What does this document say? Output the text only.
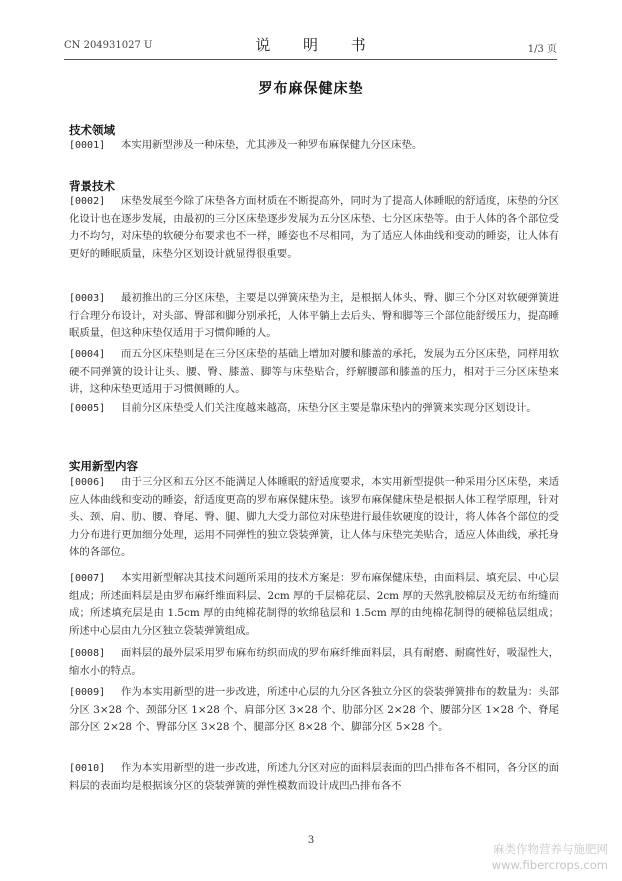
CN 204931027 U	说 明 书	1/3 页
罗布麻保健床垫
技术领域
[0001] 本实用新型涉及一种床垫，尤其涉及一种罗布麻保健九分区床垫。
背景技术
[0002] 床垫发展至今除了床垫各方面材质在不断提高外，同时为了提高人体睡眠的舒适度，床垫的分区化设计也在逐步发展，由最初的三分区床垫逐步发展为五分区床垫、七分区床垫等。由于人体的各个部位受力不均匀，对床垫的软硬分布要求也不一样，睡姿也不尽相同，为了适应人体曲线和变动的睡姿，让人体有更好的睡眠质量，床垫分区划设计就显得很重要。
[0003] 最初推出的三分区床垫，主要是以弹簧床垫为主，是根据人体头、臀、脚三个分区对软硬弹簧进行合理分布设计，对头部、臀部和脚分别承托，人体平躺上去后头、臀和脚等三个部位能舒缓压力，提高睡眠质量，但这种床垫仅适用于习惯仰睡的人。
[0004] 而五分区床垫则是在三分区床垫的基础上增加对腰和膝盖的承托，发展为五分区床垫，同样用软硬不同弹簧的设计让头、腰、臀、膝盖、脚等与床垫贴合，纾解腰部和膝盖的压力，相对于三分区床垫来讲，这种床垫更适用于习惯侧睡的人。
[0005] 目前分区床垫受人们关注度越来越高，床垫分区主要是靠床垫内的弹簧来实现分区划设计。
实用新型内容
[0006] 由于三分区和五分区不能满足人体睡眠的舒适度要求，本实用新型提供一种采用分区床垫，来适应人体曲线和变动的睡姿，舒适度更高的罗布麻保健床垫。该罗布麻保健床垫是根据人体工程学原理，针对头、颈、肩、肋、腰、脊尾、臀、腿、脚九大受力部位对床垫进行最佳软硬度的设计，将人体各个部位的受力分布进行更加细分处理，运用不同弹性的独立袋装弹簧，让人体与床垫完美贴合，适应人体曲线，承托身体的各部位。
[0007] 本实用新型解决其技术问题所采用的技术方案是：罗布麻保健床垫，由面料层、填充层、中心层组成；所述面料层是由罗布麻纤维面料层、2cm 厚的千层棉花层、2cm 厚的天然乳胶棉层及无纺布绗缝而成；所述填充层是由 1.5cm 厚的由纯棉花制得的软绵毡层和 1.5cm 厚的由纯棉花制得的硬棉毡层组成；所述中心层由九分区独立袋装弹簧组成。
[0008] 面料层的最外层采用罗布麻布纺织而成的罗布麻纤维面料层，具有耐磨、耐腐性好，吸湿性大，缩水小的特点。
[0009] 作为本实用新型的进一步改进，所述中心层的九分区各独立分区的袋装弹簧排布的数量为：头部分区 3×28 个、颈部分区 1×28 个、肩部分区 3×28 个、肋部分区 2×28 个、腰部分区 1×28 个、脊尾部分区 2×28 个、臀部分区 3×28 个、腿部分区 8×28 个、脚部分区 5×28 个。
[0010] 作为本实用新型的进一步改进，所述九分区对应的面料层表面的凹凸排布各不相同，各分区的面料层的表面均是根据该分区的袋装弹簧的弹性模数而设计成凹凸排布各不
3
麻类作物营养与施肥网
www.fibercrops.com
